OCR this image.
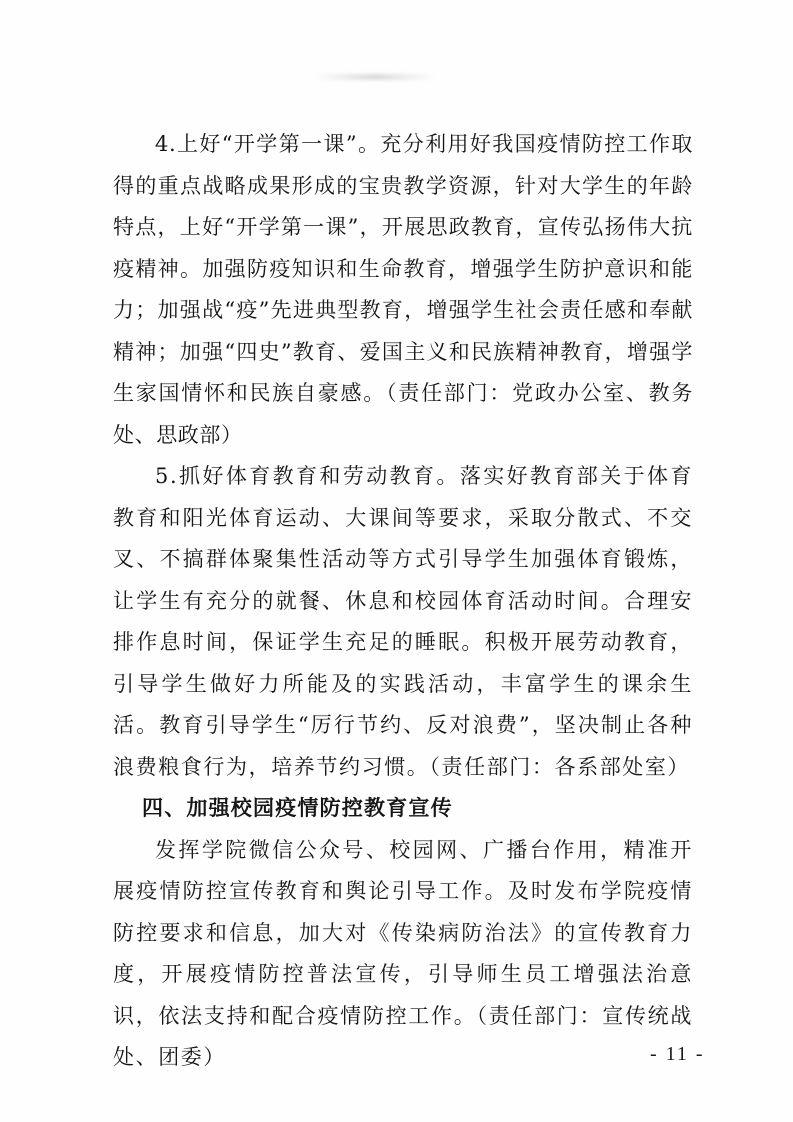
4.上好“开学第一课”。充分利用好我国疫情防控工作取得的重点战略成果形成的宝贵教学资源，针对大学生的年龄特点，上好“开学第一课”，开展思政教育，宣传弘扬伟大抗疫精神。加强防疫知识和生命教育，增强学生防护意识和能力；加强战“疫”先进典型教育，增强学生社会责任感和奉献精神；加强“四史”教育、爱国主义和民族精神教育，增强学生家国情怀和民族自豪感。（责任部门：党政办公室、教务处、思政部）

5.抓好体育教育和劳动教育。落实好教育部关于体育教育和阳光体育运动、大课间等要求，采取分散式、不交叉、不搞群体聚集性活动等方式引导学生加强体育锻炼，让学生有充分的就餐、休息和校园体育活动时间。合理安排作息时间，保证学生充足的睡眠。积极开展劳动教育，引导学生做好力所能及的实践活动，丰富学生的课余生活。教育引导学生“厉行节约、反对浪费”，坚决制止各种浪费粮食行为，培养节约习惯。（责任部门：各系部处室）

四、加强校园疫情防控教育宣传

发挥学院微信公众号、校园网、广播台作用，精准开展疫情防控宣传教育和舆论引导工作。及时发布学院疫情防控要求和信息，加大对《传染病防治法》的宣传教育力度，开展疫情防控普法宣传，引导师生员工增强法治意识，依法支持和配合疫情防控工作。（责任部门：宣传统战处、团委）	- 11 -
